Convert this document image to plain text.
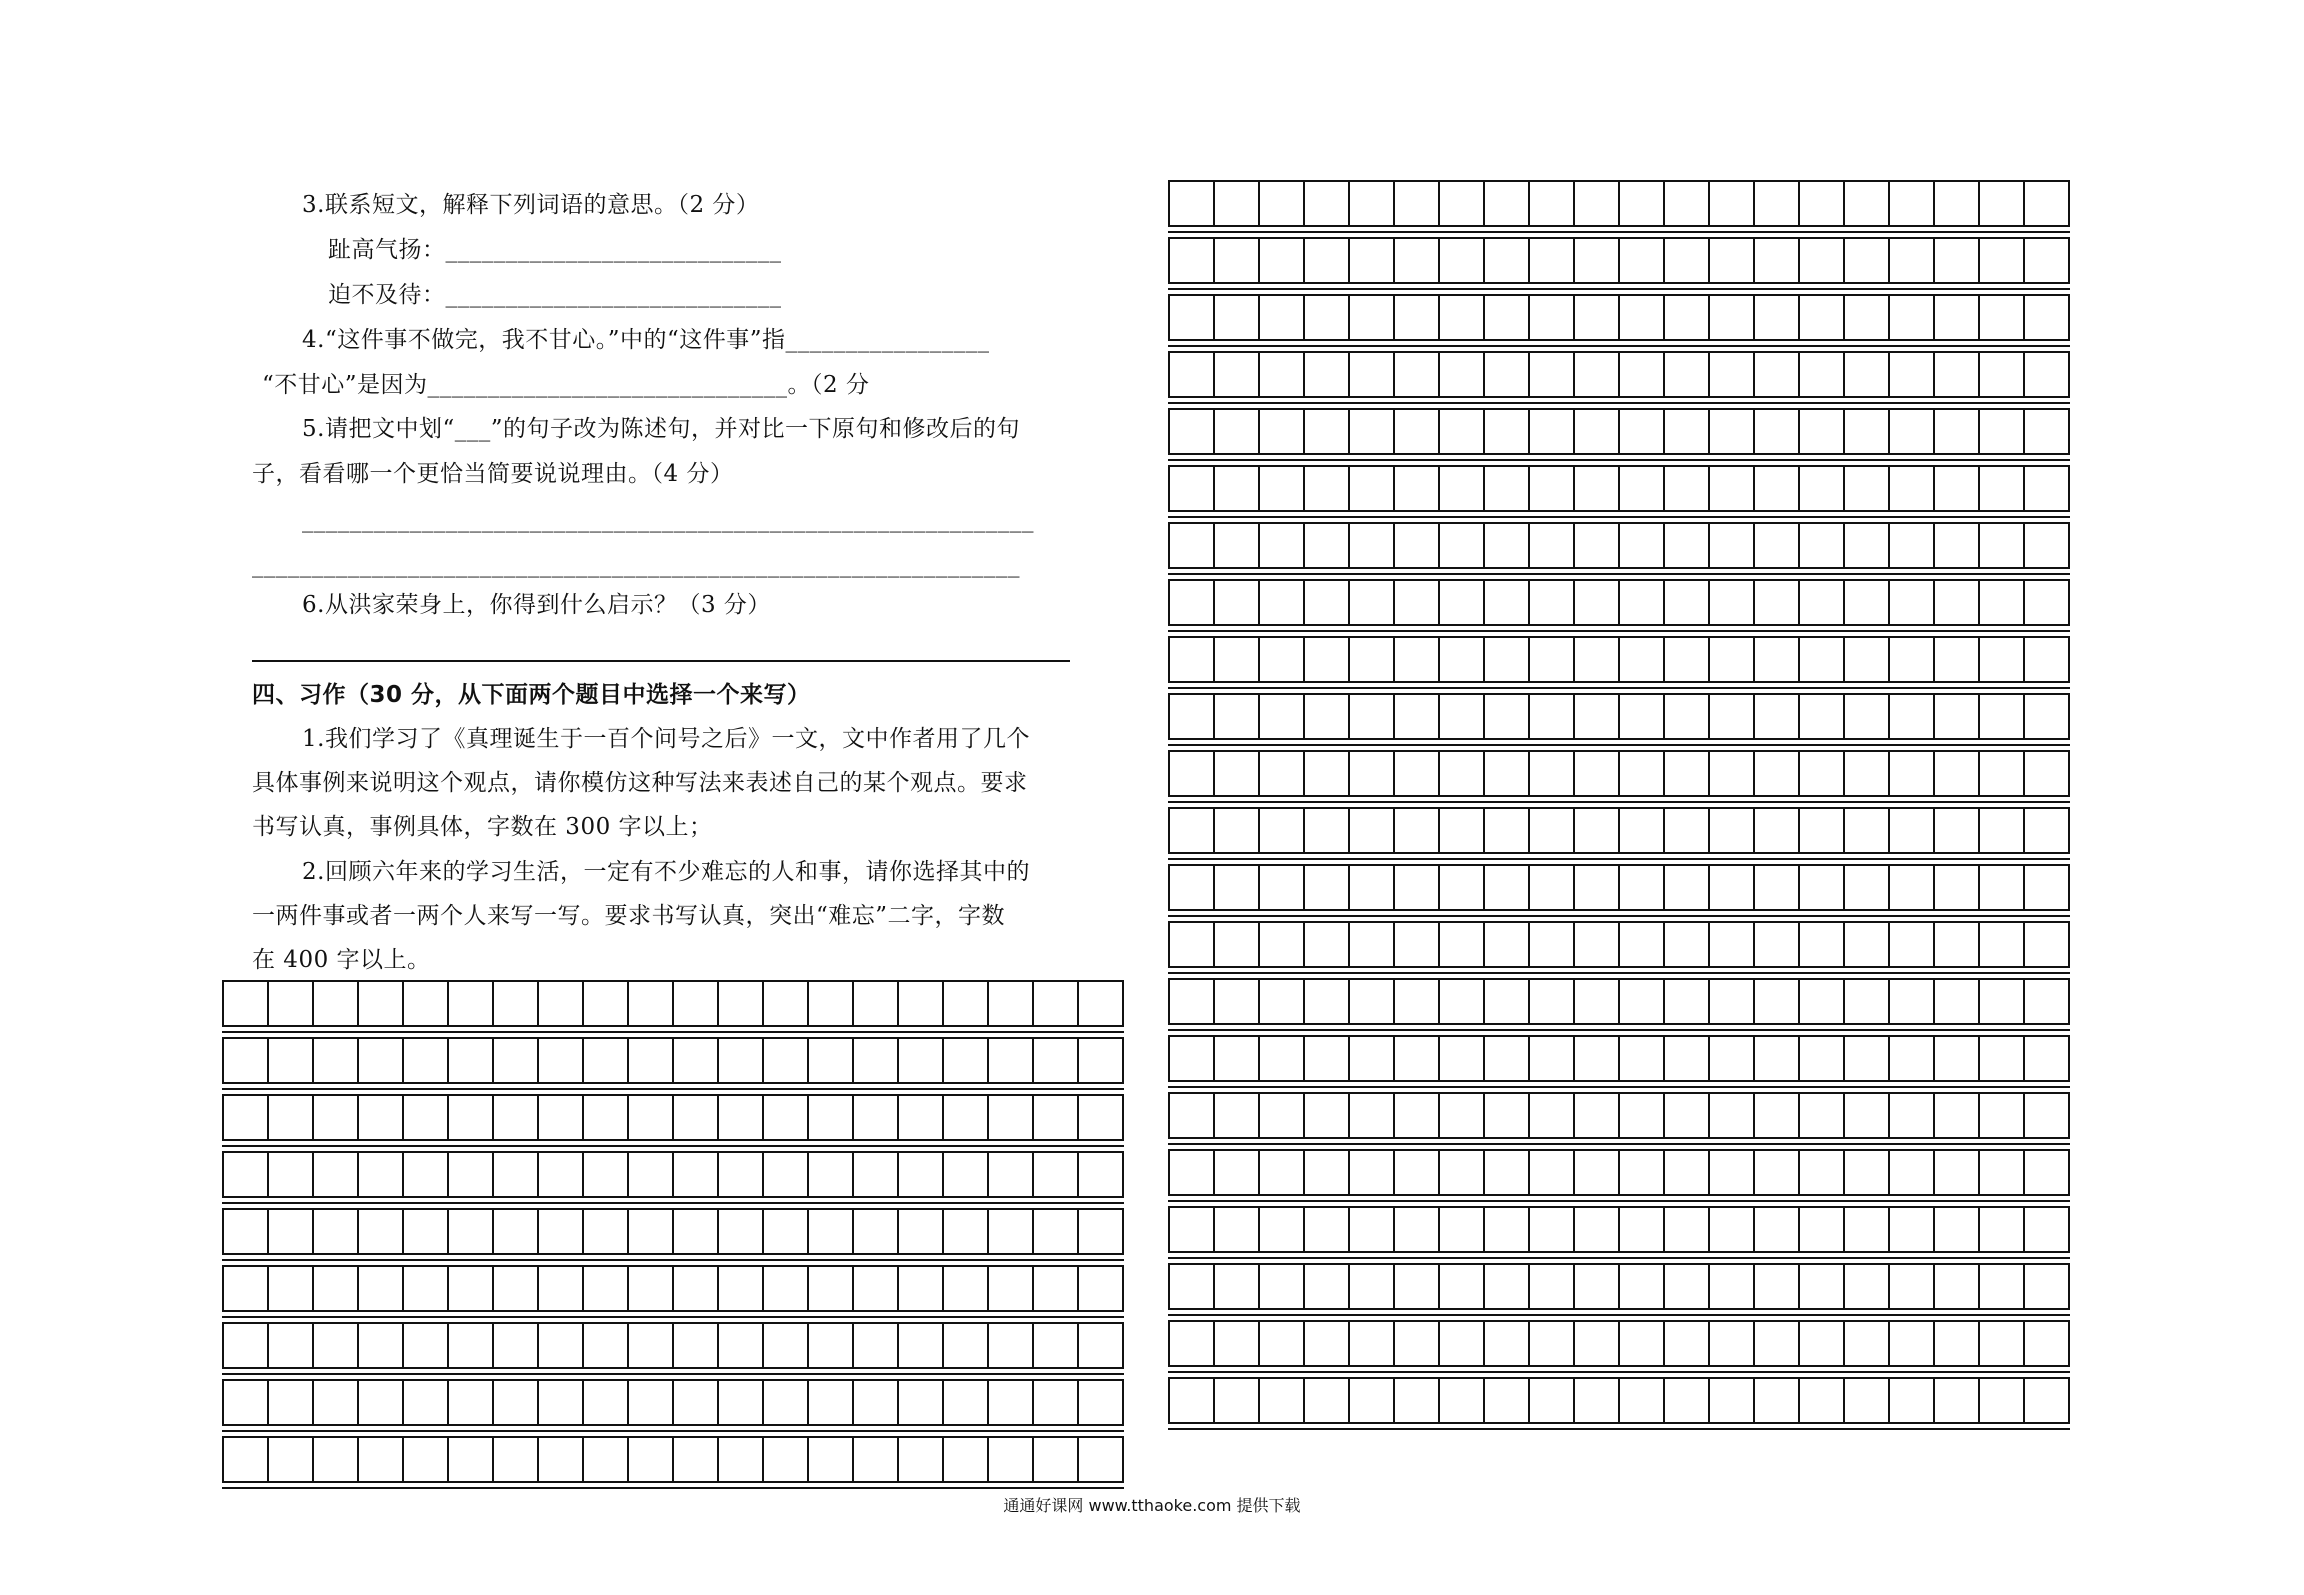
3.联系短文，解释下列词语的意思。（2 分）
趾高气扬：____________________________
迫不及待：____________________________
4.“这件事不做完，我不甘心。”中的“这件事”指_________________
“不甘心”是因为______________________________。（2 分
5.请把文中划“___”的句子改为陈述句，并对比一下原句和修改后的句
子，看看哪一个更恰当简要说说理由。（4 分）
_____________________________________________________________
________________________________________________________________
6.从洪家荣身上，你得到什么启示？（3 分）
四、习作（30 分，从下面两个题目中选择一个来写）
1.我们学习了《真理诞生于一百个问号之后》一文，文中作者用了几个
具体事例来说明这个观点，请你模仿这种写法来表述自己的某个观点。要求
书写认真，事例具体，字数在 300 字以上；
2.回顾六年来的学习生活，一定有不少难忘的人和事，请你选择其中的
一两件事或者一两个人来写一写。要求书写认真，突出“难忘”二字，字数
在 400 字以上。
通通好课网 www.tthaoke.com 提供下载
